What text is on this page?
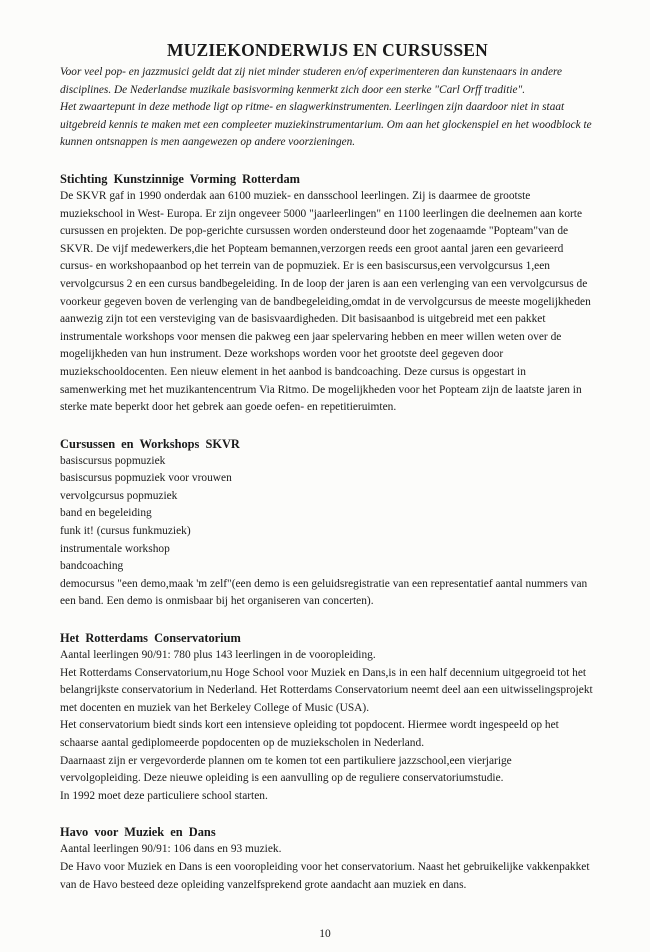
MUZIEKONDERWIJS EN CURSUSSEN

Voor veel pop- en jazzmusici geldt dat zij niet minder studeren en/of experimenteren dan kunstenaars in andere disciplines. De Nederlandse muzikale basisvorming kenmerkt zich door een sterke "Carl Orff traditie".

Het zwaartepunt in deze methode ligt op ritme- en slagwerkinstrumenten. Leerlingen zijn daardoor niet in staat uitgebreid kennis te maken met een compleeter muziekinstrumentarium. Om aan het glockenspiel en het woodblock te kunnen ontsnappen is men aangewezen op andere voorzieningen.

Stichting Kunstzinnige Vorming Rotterdam

De SKVR gaf in 1990 onderdak aan 6100 muziek- en dansschool leerlingen. Zij is daarmee de grootste muziekschool in West- Europa. Er zijn ongeveer 5000 "jaarleerlingen" en 1100 leerlingen die deelnemen aan korte cursussen en projekten. De pop-gerichte cursussen worden ondersteund door het zogenaamde "Popteam"van de SKVR. De vijf medewerkers,die het Popteam bemannen,verzorgen reeds een groot aantal jaren een gevarieerd cursus- en workshopaanbod op het terrein van de popmuziek. Er is een basiscursus,een vervolgcursus 1,een vervolgcursus 2 en een cursus bandbegeleiding. In de loop der jaren is aan een verlenging van een vervolgcursus de voorkeur gegeven boven de verlenging van de bandbegeleiding,omdat in de vervolgcursus de meeste mogelijkheden aanwezig zijn tot een versteviging van de basisvaardigheden. Dit basisaanbod is uitgebreid met een pakket instrumentale workshops voor mensen die pakweg een jaar spelervaring hebben en meer willen weten over de mogelijkheden van hun instrument. Deze workshops worden voor het grootste deel gegeven door muziekschooldocenten. Een nieuw element in het aanbod is bandcoaching. Deze cursus is opgestart in samenwerking met het muzikantencentrum Via Ritmo. De mogelijkheden voor het Popteam zijn de laatste jaren in sterke mate beperkt door het gebrek aan goede oefen- en repetitieruimten.

Cursussen en Workshops SKVR
basiscursus popmuziek
basiscursus popmuziek voor vrouwen
vervolgcursus popmuziek
band en begeleiding
funk it! (cursus funkmuziek)
instrumentale workshop
bandcoaching
democursus "een demo,maak 'm zelf"(een demo is een geluidsregistratie van een representatief aantal nummers van een band. Een demo is onmisbaar bij het organiseren van concerten).
Het Rotterdams Conservatorium

Aantal leerlingen 90/91: 780 plus 143 leerlingen in de vooropleiding.

Het Rotterdams Conservatorium,nu Hoge School voor Muziek en Dans,is in een half decennium uitgegroeid tot het belangrijkste conservatorium in Nederland. Het Rotterdams Conservatorium neemt deel aan een uitwisselingsprojekt met docenten en muziek van het Berkeley College of Music (USA).

Het conservatorium biedt sinds kort een intensieve opleiding tot popdocent. Hiermee wordt ingespeeld op het schaarse aantal gediplomeerde popdocenten op de muziekscholen in Nederland.

Daarnaast zijn er vergevorderde plannen om te komen tot een partikuliere jazzschool,een vierjarige vervolgopleiding. Deze nieuwe opleiding is een aanvulling op de reguliere conservatoriumstudie.

In 1992 moet deze particuliere school starten.

Havo voor Muziek en Dans

Aantal leerlingen 90/91: 106 dans en 93 muziek.

De Havo voor Muziek en Dans is een vooropleiding voor het conservatorium. Naast het gebruikelijke vakkenpakket van de Havo besteed deze opleiding vanzelfsprekend grote aandacht aan muziek en dans.

10
